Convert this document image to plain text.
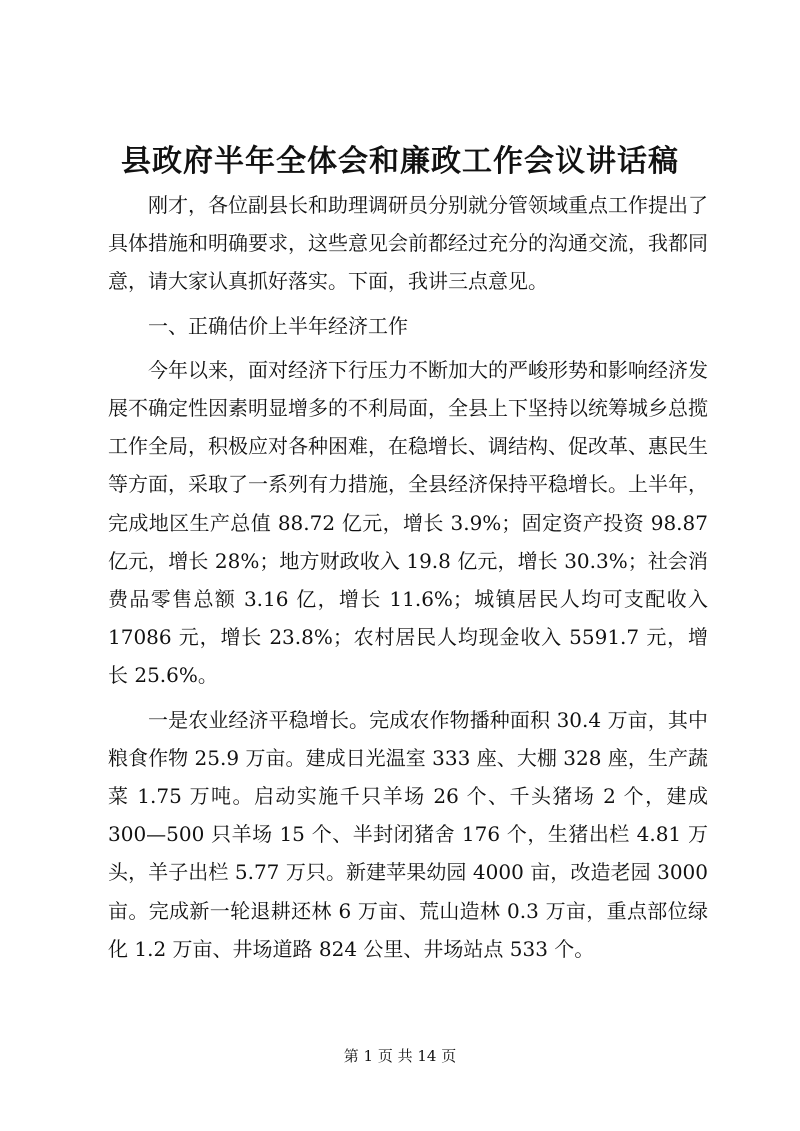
县政府半年全体会和廉政工作会议讲话稿

刚才，各位副县长和助理调研员分别就分管领域重点工作提出了具体措施和明确要求，这些意见会前都经过充分的沟通交流，我都同意，请大家认真抓好落实。下面，我讲三点意见。

一、正确估价上半年经济工作

今年以来，面对经济下行压力不断加大的严峻形势和影响经济发展不确定性因素明显增多的不利局面，全县上下坚持以统筹城乡总揽工作全局，积极应对各种困难，在稳增长、调结构、促改革、惠民生等方面，采取了一系列有力措施，全县经济保持平稳增长。上半年，完成地区生产总值 88.72 亿元，增长 3.9%；固定资产投资 98.87 亿元，增长 28%；地方财政收入 19.8 亿元，增长 30.3%；社会消费品零售总额 3.16 亿，增长 11.6%；城镇居民人均可支配收入 17086 元，增长 23.8%；农村居民人均现金收入 5591.7 元，增长 25.6%。

一是农业经济平稳增长。完成农作物播种面积 30.4 万亩，其中粮食作物 25.9 万亩。建成日光温室 333 座、大棚 328 座，生产蔬菜 1.75 万吨。启动实施千只羊场 26 个、千头猪场 2 个，建成 300—500 只羊场 15 个、半封闭猪舍 176 个，生猪出栏 4.81 万头，羊子出栏 5.77 万只。新建苹果幼园 4000 亩，改造老园 3000 亩。完成新一轮退耕还林 6 万亩、荒山造林 0.3 万亩，重点部位绿化 1.2 万亩、井场道路 824 公里、井场站点 533 个。

第 1 页 共 14 页
